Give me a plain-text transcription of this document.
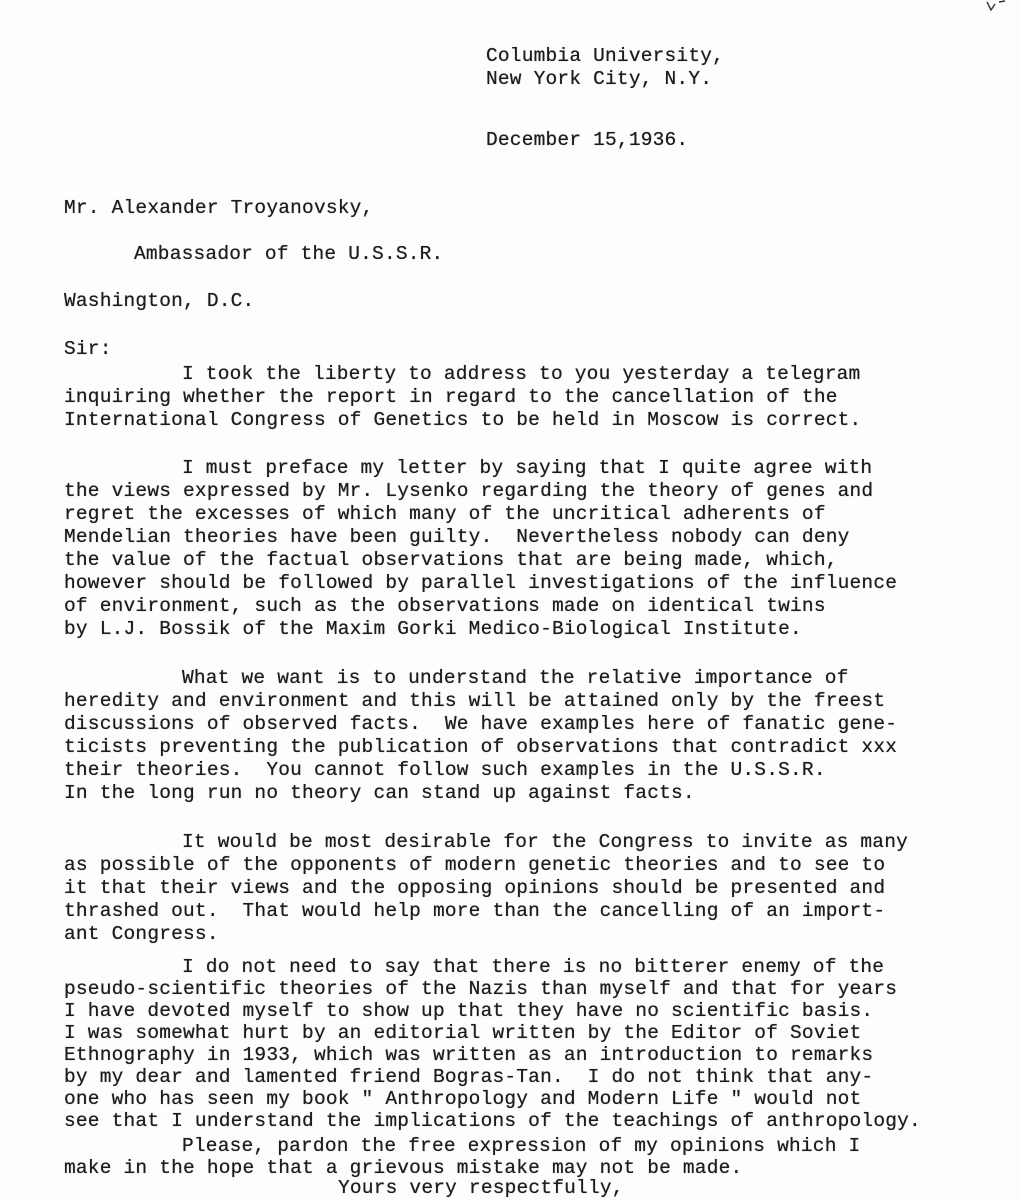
Columbia University,
New York City, N.Y.
December 15,1936.
Mr. Alexander Troyanovsky,
Ambassador of the U.S.S.R.
Washington, D.C.
Sir:
I took the liberty to address to you yesterday a telegram
inquiring whether the report in regard to the cancellation of the
International Congress of Genetics to be held in Moscow is correct.
I must preface my letter by saying that I quite agree with
the views expressed by Mr. Lysenko regarding the theory of genes and
regret the excesses of which many of the uncritical adherents of
Mendelian theories have been guilty.  Nevertheless nobody can deny
the value of the factual observations that are being made, which,
however should be followed by parallel investigations of the influence
of environment, such as the observations made on identical twins
by L.J. Bossik of the Maxim Gorki Medico-Biological Institute.
What we want is to understand the relative importance of
heredity and environment and this will be attained only by the freest
discussions of observed facts.  We have examples here of fanatic gene-
ticists preventing the publication of observations that contradict xxx
their theories.  You cannot follow such examples in the U.S.S.R.
In the long run no theory can stand up against facts.
It would be most desirable for the Congress to invite as many
as possible of the opponents of modern genetic theories and to see to
it that their views and the opposing opinions should be presented and
thrashed out.  That would help more than the cancelling of an import-
ant Congress.
I do not need to say that there is no bitterer enemy of the
pseudo-scientific theories of the Nazis than myself and that for years
I have devoted myself to show up that they have no scientific basis.
I was somewhat hurt by an editorial written by the Editor of Soviet
Ethnography in 1933, which was written as an introduction to remarks
by my dear and lamented friend Bogras-Tan.  I do not think that any-
one who has seen my book " Anthropology and Modern Life " would not
see that I understand the implications of the teachings of anthropology.
Please, pardon the free expression of my opinions which I
make in the hope that a grievous mistake may not be made.
Yours very respectfully,
